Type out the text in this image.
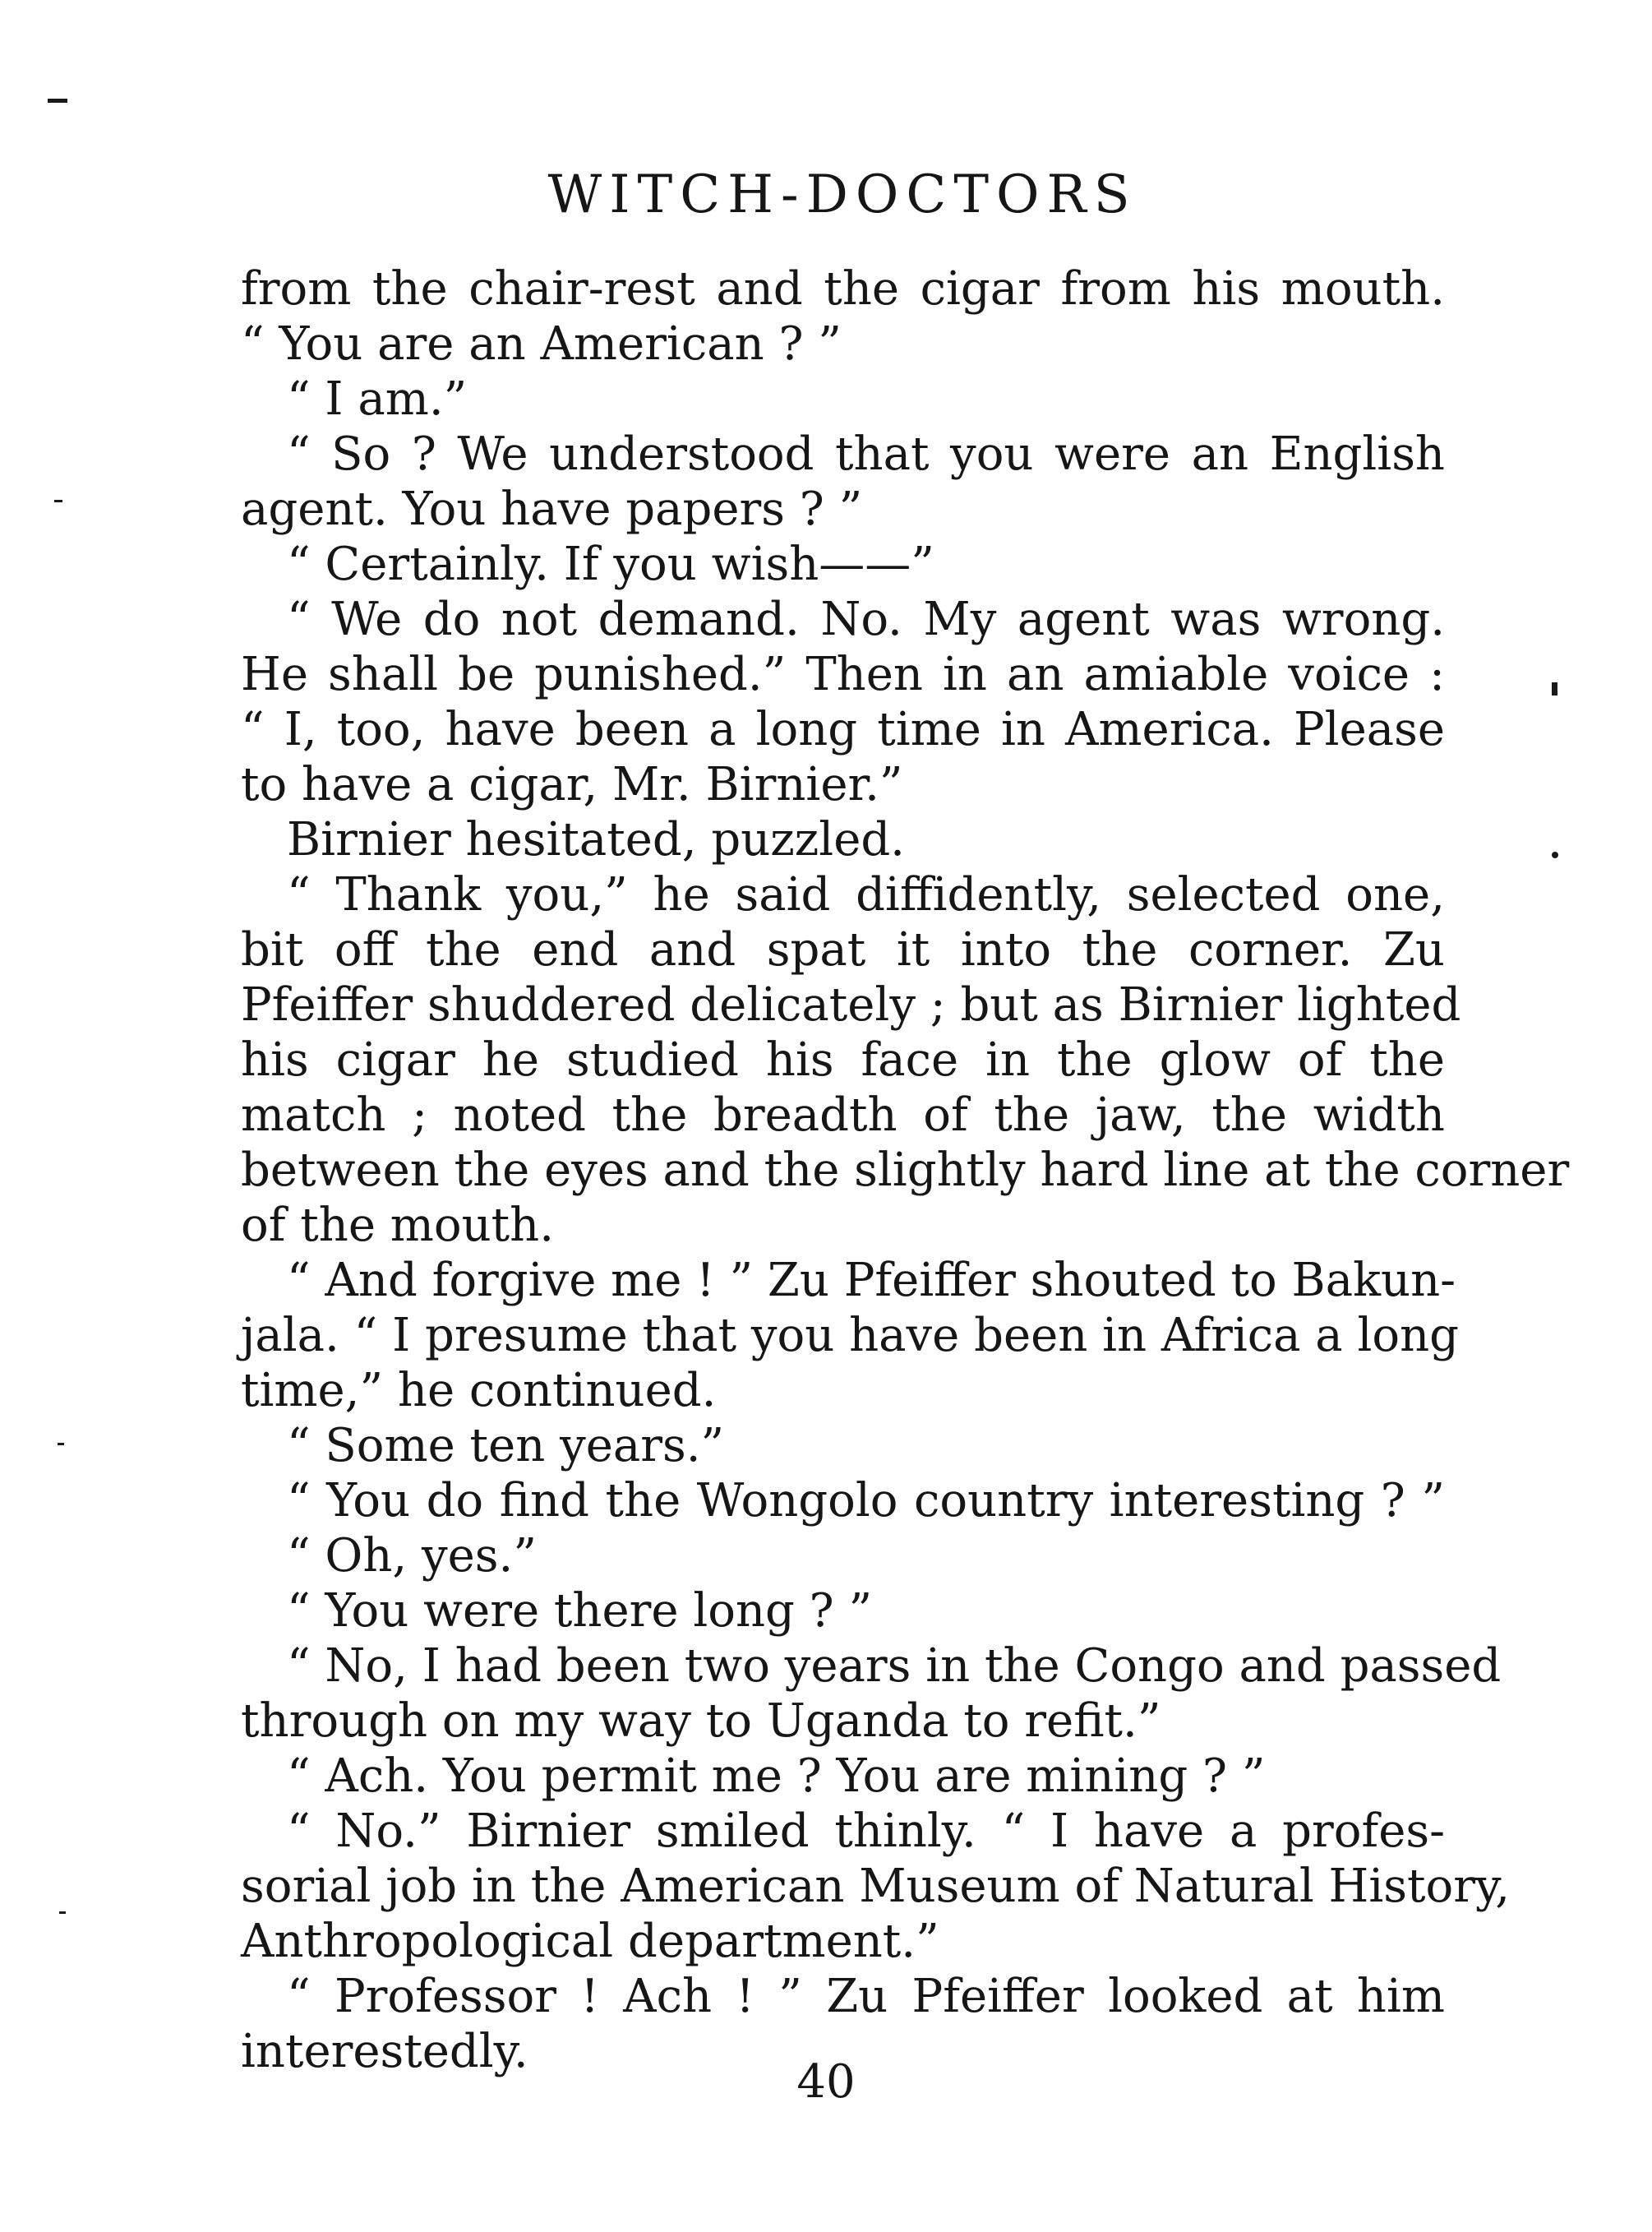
WITCH-DOCTORS
from the chair-rest and the cigar from his mouth.
“ You are an American ? ”
“ I am.”
“ So ? We understood that you were an English
agent. You have papers ? ”
“ Certainly. If you wish——”
“ We do not demand. No. My agent was wrong.
He shall be punished.” Then in an amiable voice :
“ I, too, have been a long time in America. Please
to have a cigar, Mr. Birnier.”
Birnier hesitated, puzzled.
“ Thank you,” he said diffidently, selected one,
bit off the end and spat it into the corner. Zu
Pfeiffer shuddered delicately ; but as Birnier lighted
his cigar he studied his face in the glow of the
match ; noted the breadth of the jaw, the width
between the eyes and the slightly hard line at the corner
of the mouth.
“ And forgive me ! ” Zu Pfeiffer shouted to Bakun-
jala. “ I presume that you have been in Africa a long
time,” he continued.
“ Some ten years.”
“ You do find the Wongolo country interesting ? ”
“ Oh, yes.”
“ You were there long ? ”
“ No, I had been two years in the Congo and passed
through on my way to Uganda to refit.”
“ Ach. You permit me ? You are mining ? ”
“ No.” Birnier smiled thinly. “ I have a profes-
sorial job in the American Museum of Natural History,
Anthropological department.”
“ Professor ! Ach ! ” Zu Pfeiffer looked at him
interestedly.
40
